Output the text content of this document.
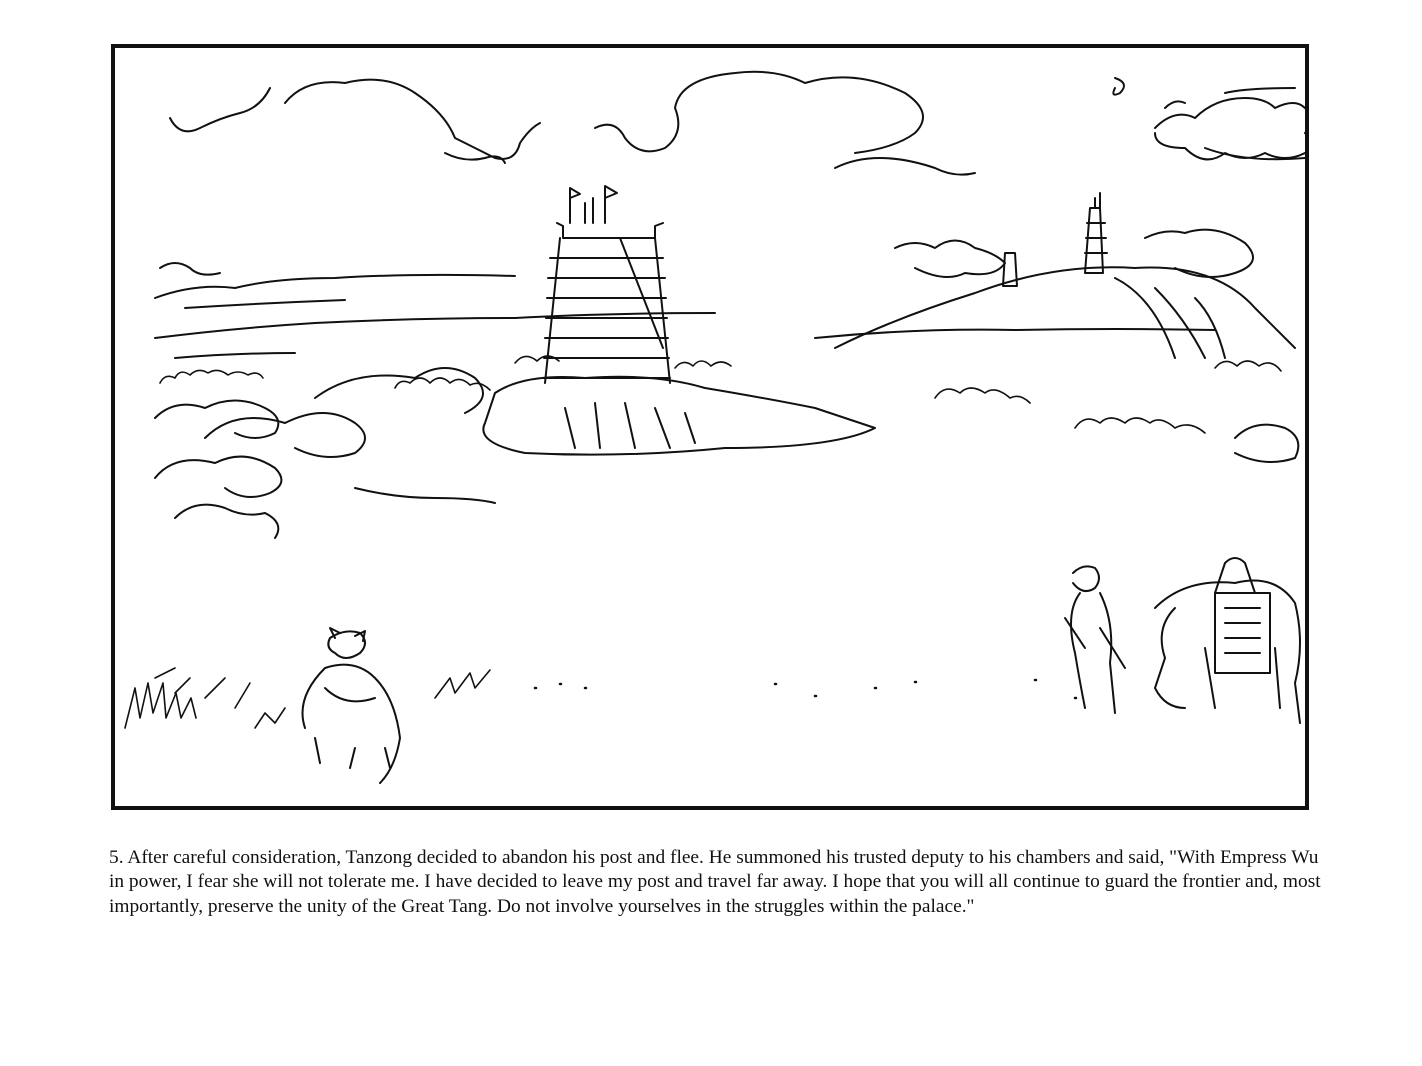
5. After careful consideration, Tanzong decided to abandon his post and flee. He summoned his trusted deputy to his chambers and said, "With Empress Wu in power, I fear she will not tolerate me. I have decided to leave my post and travel far away. I hope that you will all continue to guard the frontier and, most importantly, preserve the unity of the Great Tang. Do not involve yourselves in the struggles within the palace."
